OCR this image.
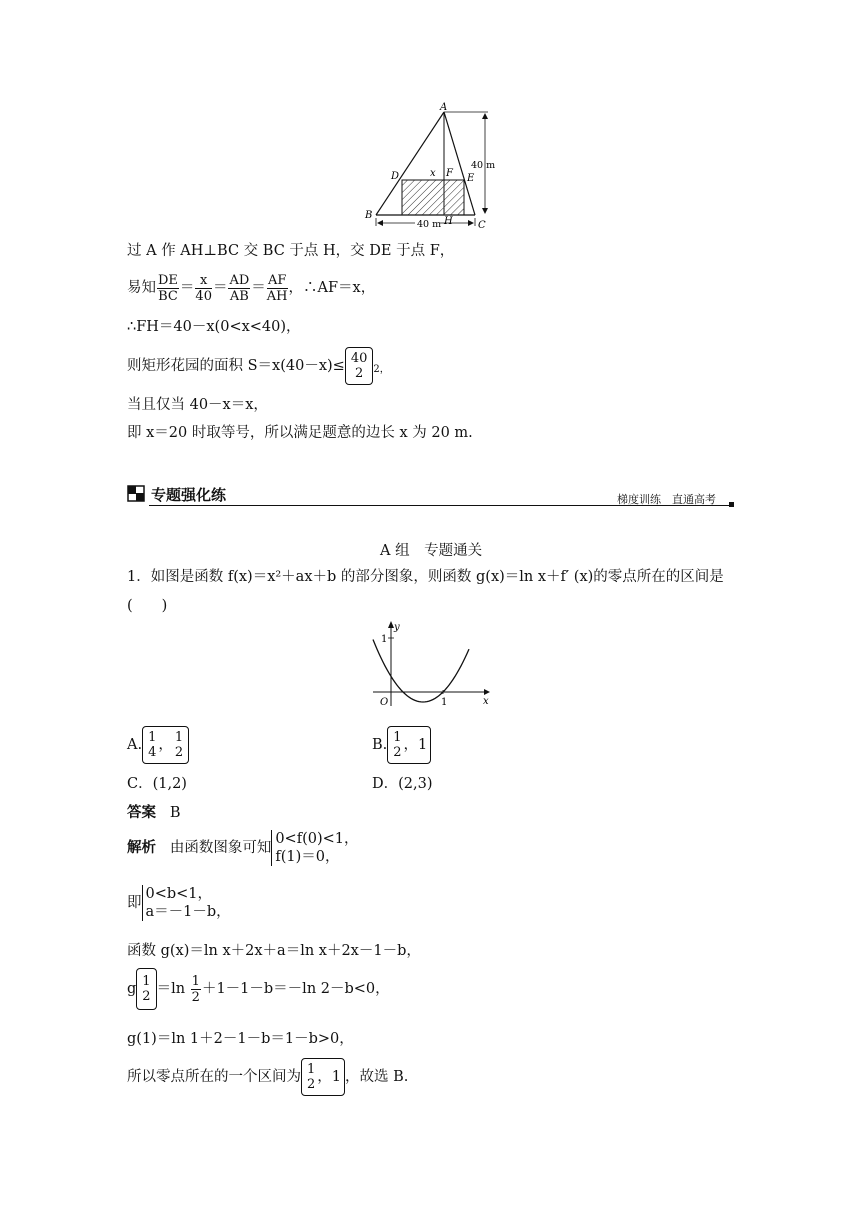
A
B
C
D	E
F
H
x
40 m
40 m
过 A 作 AH⊥BC 交 BC 于点 H，交 DE 于点 F，
易知 $\frac{DE}{BC} = \frac{x}{40} = \frac{AD}{AB} = \frac{AF}{AH}$ ，∴AF＝x，
∴FH＝40－x(0<x<40)，
则矩形花园的面积 S＝x(40－x)≤ 40
2	2，
当且仅当 40－x＝x，
即 x＝20 时取等号，所以满足题意的边长 x 为 20 m.
专题强化练	梯度训练　直通高考
A 组　专题通关
1．如图是函数 f(x)＝x²＋ax＋b 的部分图象，则函数 g(x)＝ln x＋f′ (x)的零点所在的区间是
(　　)
y
x
O	1
1
A. 1
4 ， 1
2	B. 1
2 ，1
C．(1,2)	D．(2,3)
答案 B
解析 由函数图象可知0<f(0)<1，
f(1)＝0，
即0<b<1，
a＝－1－b，
函数 g(x)＝ln x＋2x＋a＝ln x＋2x－1－b，
g 1
$2 =\ln \frac{1}{2} +1-1-b=-\ln$ 2－b<0，
g(1)＝ln 1＋2－1－b＝1－b>0，
所以零点所在的一个区间为 1
2 ，1 ，故选 B.
